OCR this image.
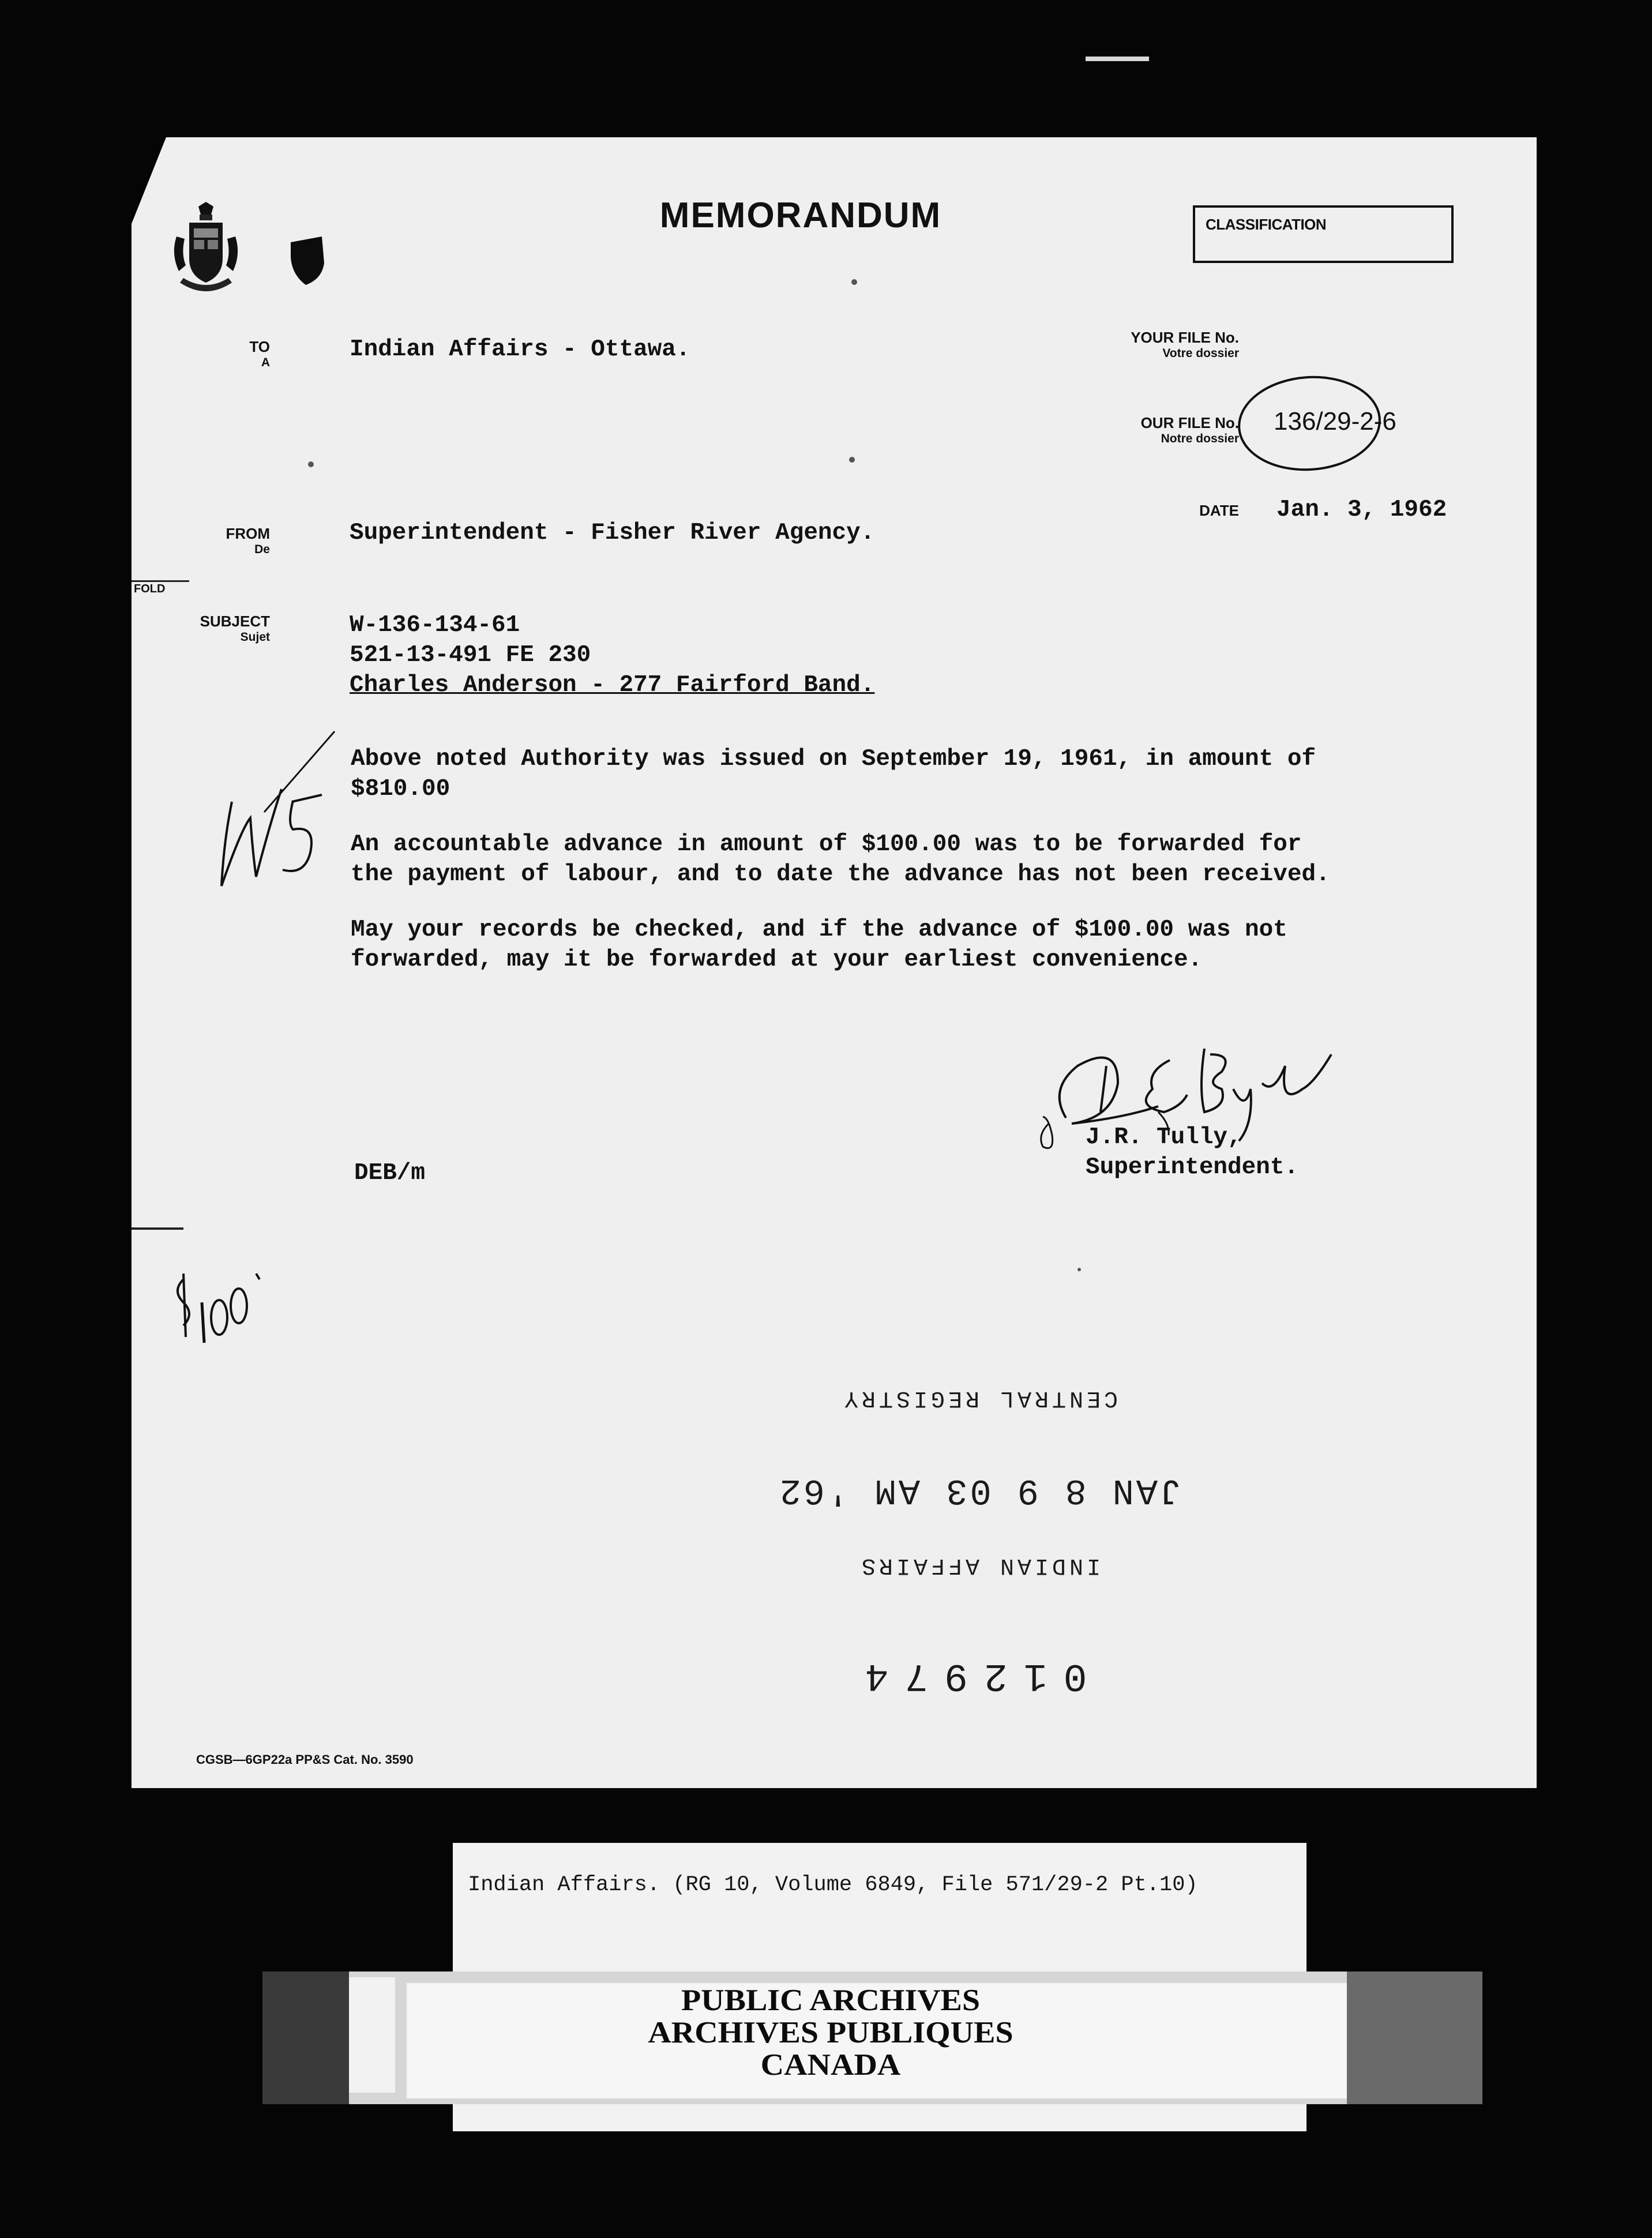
MEMORANDUM	CLASSIFICATION
TO
A	Indian Affairs - Ottawa.	YOUR FILE No.
Votre dossier
OUR FILE No.
Notre dossier
136/29-2-6
DATE Jan. 3, 1962
FROM
De
Superintendent - Fisher River Agency.
FOLD
SUBJECT
Sujet	W-136-134-61
521-13-491 FE 230
Charles Anderson - 277 Fairford Band.
Above noted Authority was issued on September 19, 1961, in amount of
$810.00
An accountable advance in amount of $100.00 was to be forwarded for
the payment of labour, and to date the advance has not been received.
May your records be checked, and if the advance of $100.00 was not
forwarded, may it be forwarded at your earliest convenience.
J.R. Tully,
Superintendent.
DEB/m
INDIAN AFFAIRS
JAN 8 9 03 AM '62
CENTRAL REGISTRY
012974
CGSB—6GP22a PP&S Cat. No. 3590
Indian Affairs. (RG 10, Volume 6849, File 571/29-2 Pt.10)
PUBLIC ARCHIVES
ARCHIVES PUBLIQUES
CANADA
